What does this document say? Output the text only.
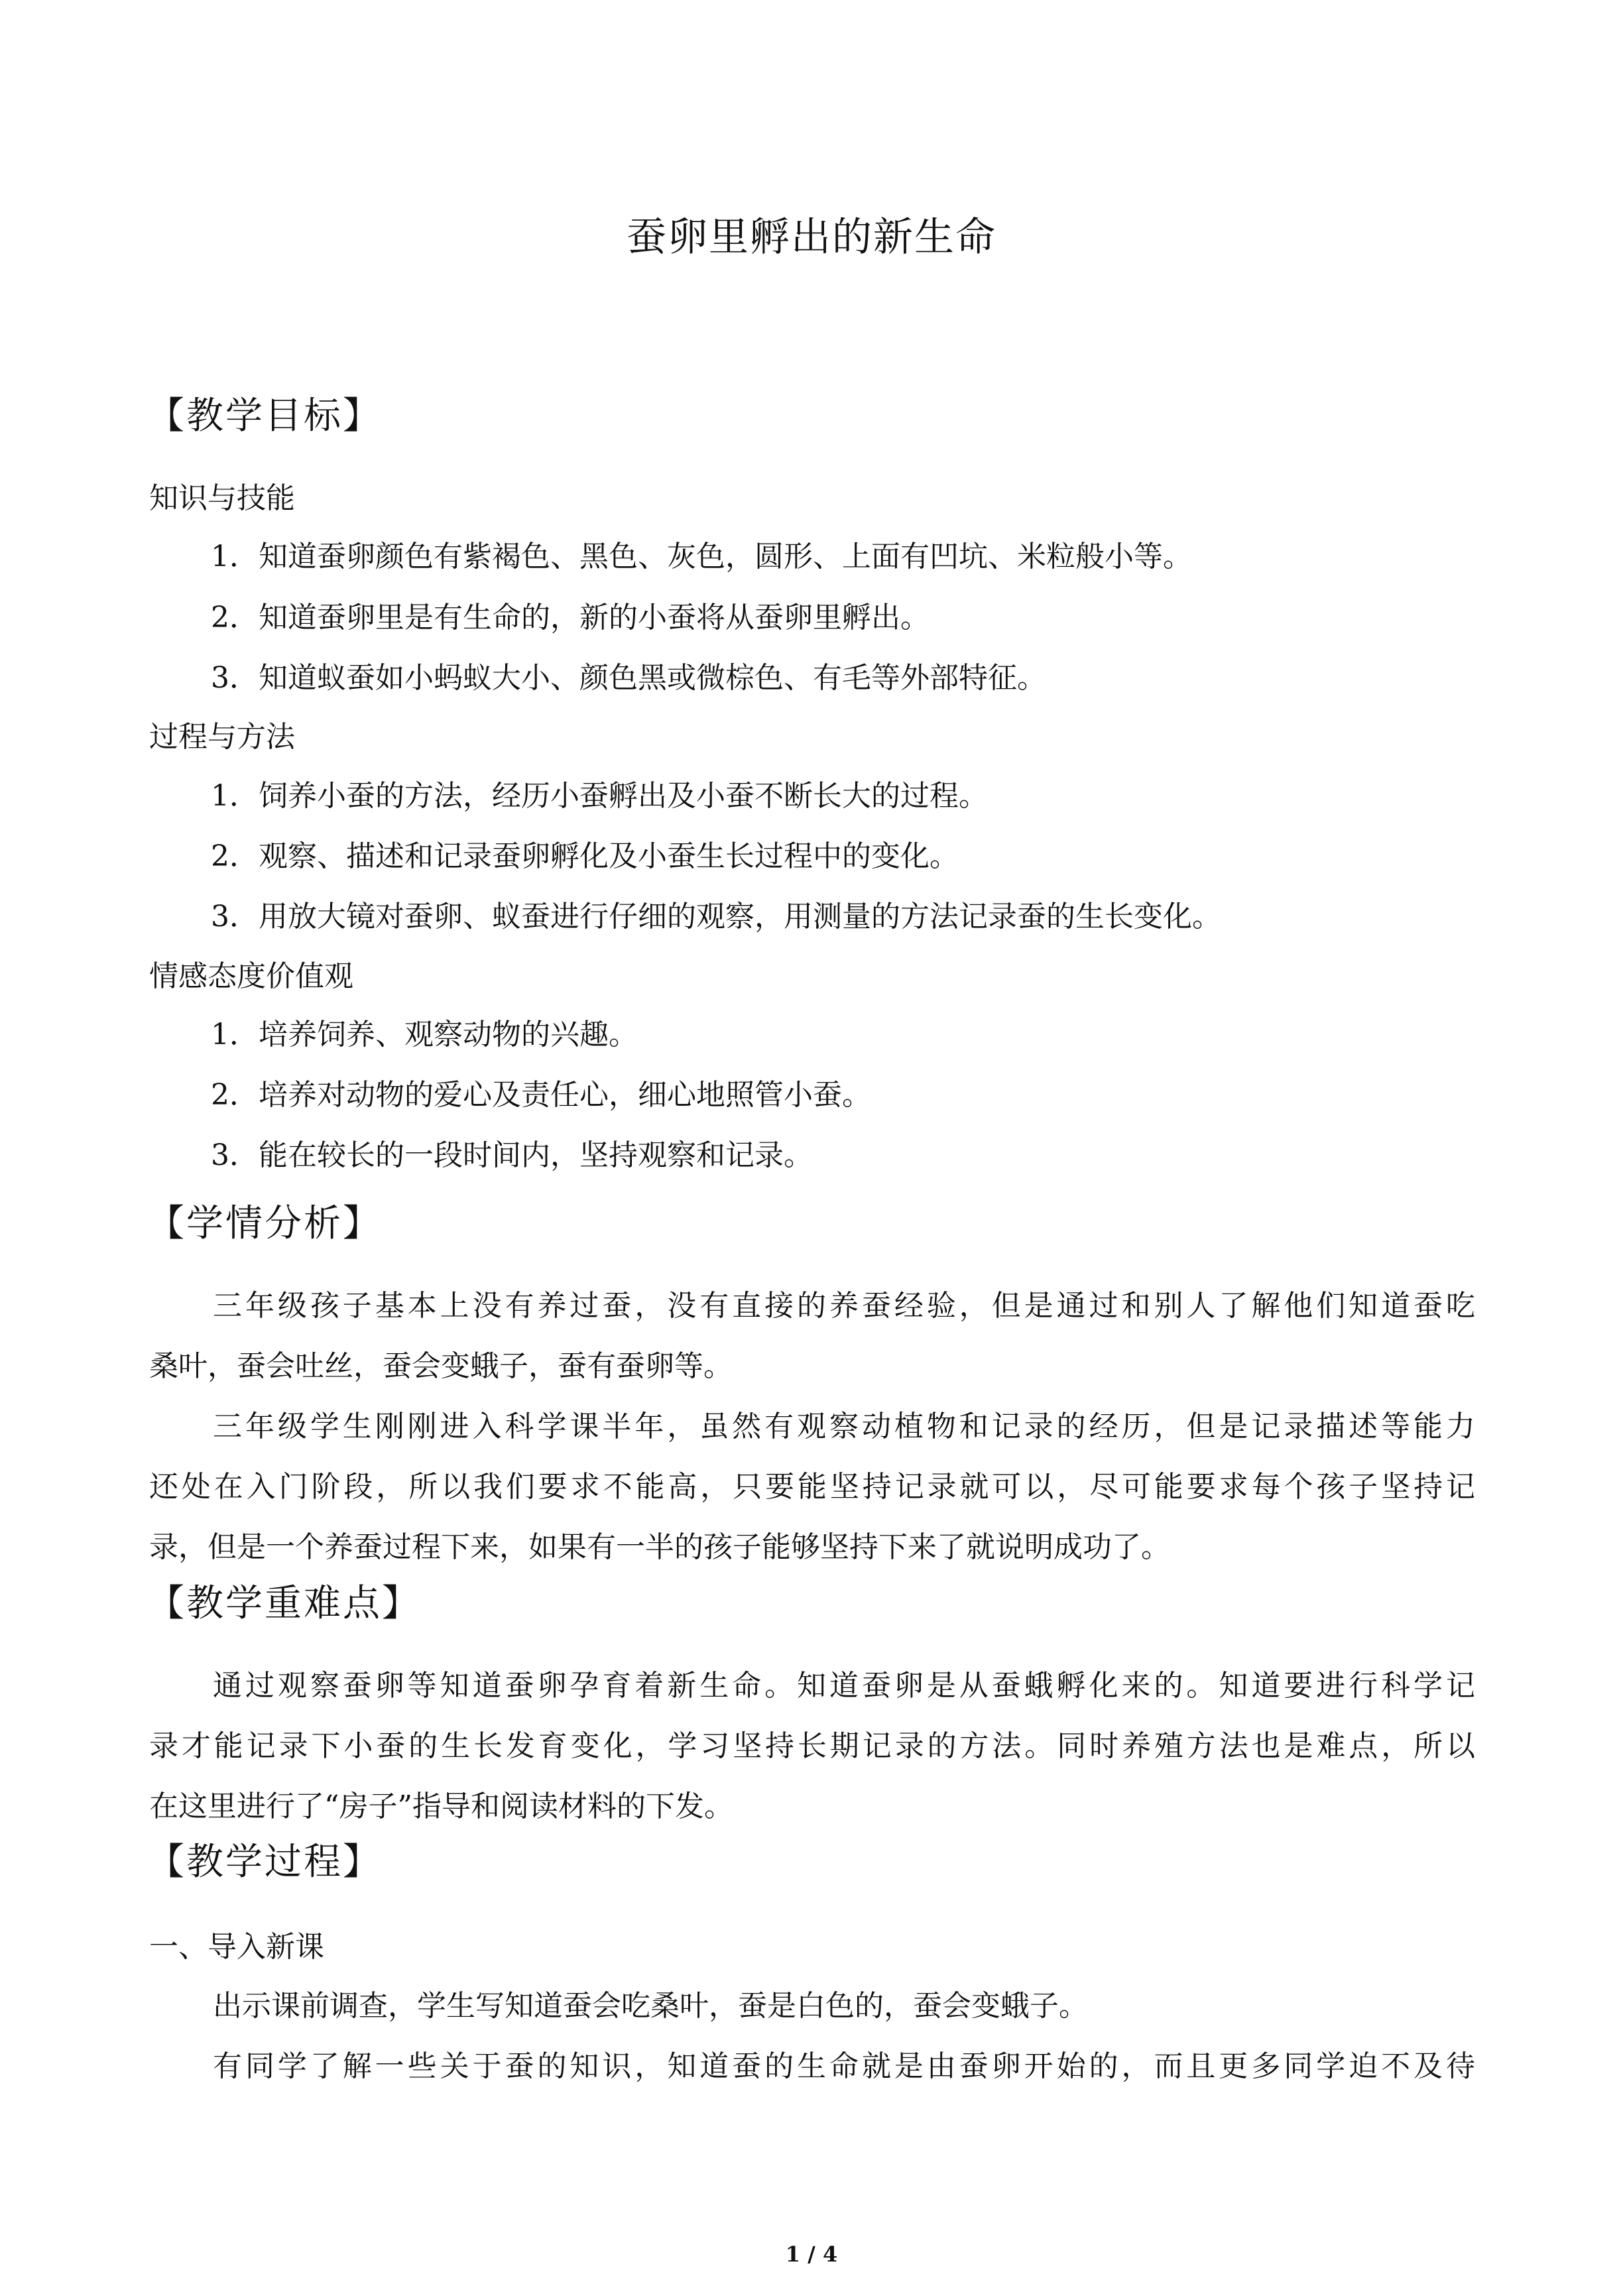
蚕卵里孵出的新生命
【教学目标】
知识与技能
1．知道蚕卵颜色有紫褐色、黑色、灰色，圆形、上面有凹坑、米粒般小等。
2．知道蚕卵里是有生命的，新的小蚕将从蚕卵里孵出。
3．知道蚁蚕如小蚂蚁大小、颜色黑或微棕色、有毛等外部特征。
过程与方法
1．饲养小蚕的方法，经历小蚕孵出及小蚕不断长大的过程。
2．观察、描述和记录蚕卵孵化及小蚕生长过程中的变化。
3．用放大镜对蚕卵、蚁蚕进行仔细的观察，用测量的方法记录蚕的生长变化。
情感态度价值观
1．培养饲养、观察动物的兴趣。
2．培养对动物的爱心及责任心，细心地照管小蚕。
3．能在较长的一段时间内，坚持观察和记录。
【学情分析】
三年级孩子基本上没有养过蚕，没有直接的养蚕经验，但是通过和别人了解他们知道蚕吃
桑叶，蚕会吐丝，蚕会变蛾子，蚕有蚕卵等。
三年级学生刚刚进入科学课半年，虽然有观察动植物和记录的经历，但是记录描述等能力
还处在入门阶段，所以我们要求不能高，只要能坚持记录就可以，尽可能要求每个孩子坚持记
录，但是一个养蚕过程下来，如果有一半的孩子能够坚持下来了就说明成功了。
【教学重难点】
通过观察蚕卵等知道蚕卵孕育着新生命。知道蚕卵是从蚕蛾孵化来的。知道要进行科学记
录才能记录下小蚕的生长发育变化，学习坚持长期记录的方法。同时养殖方法也是难点，所以
在这里进行了“房子”指导和阅读材料的下发。
【教学过程】
一、导入新课
出示课前调查，学生写知道蚕会吃桑叶，蚕是白色的，蚕会变蛾子。
有同学了解一些关于蚕的知识，知道蚕的生命就是由蚕卵开始的，而且更多同学迫不及待
1 / 4
